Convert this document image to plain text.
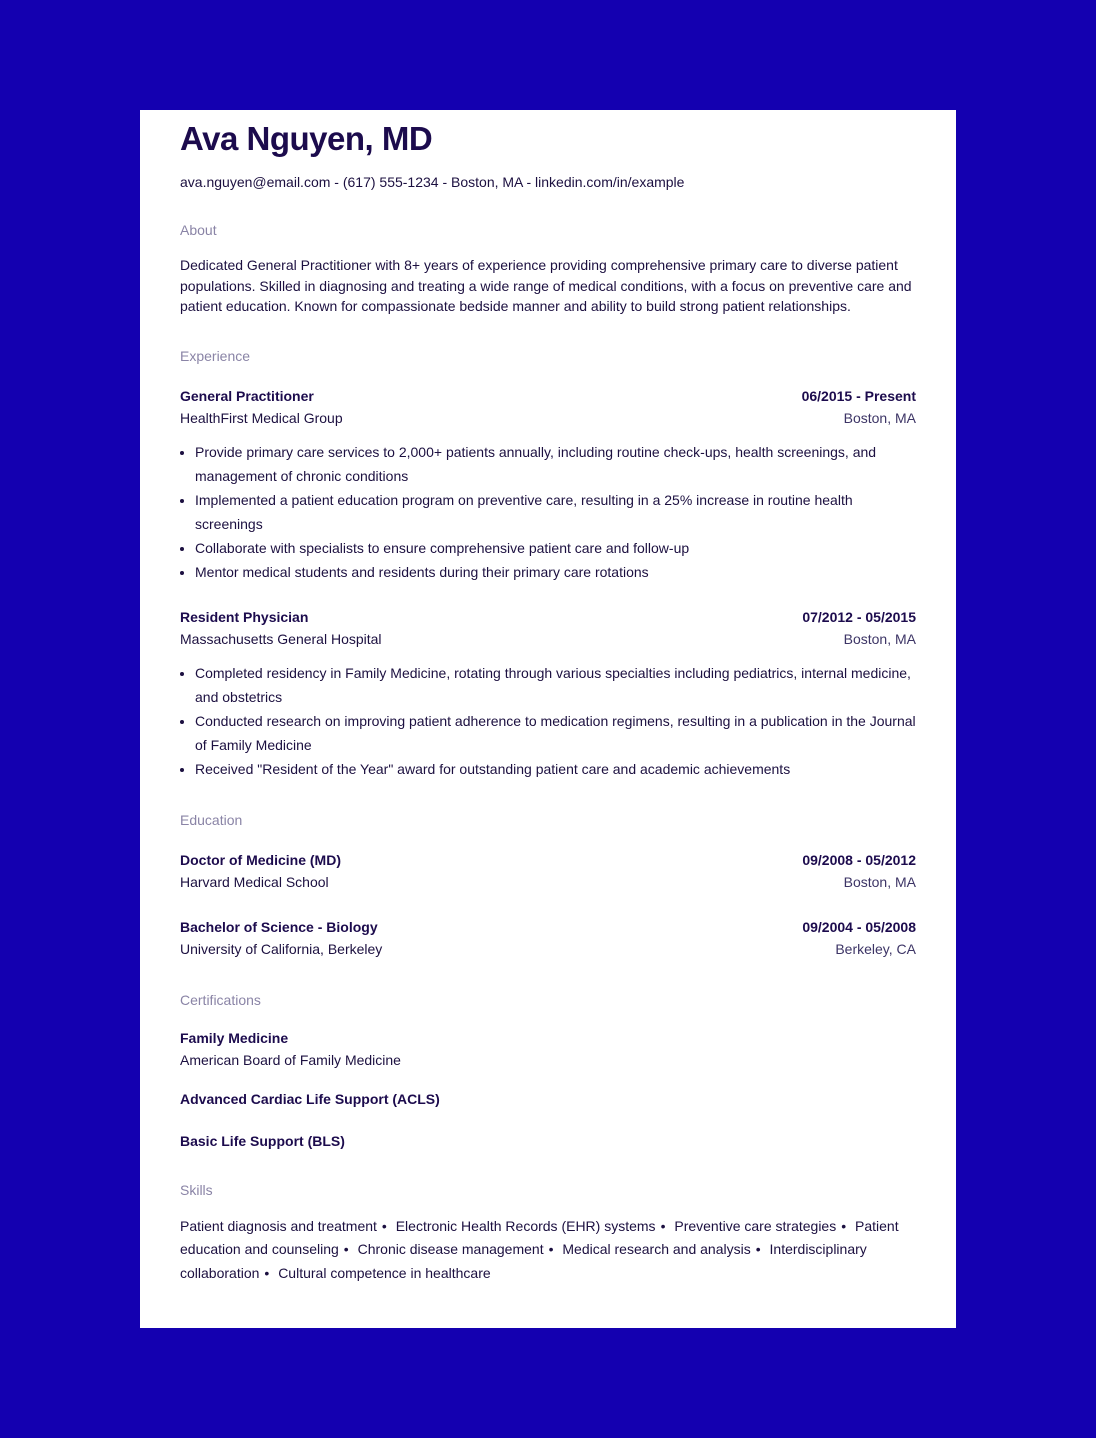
Ava Nguyen, MD
ava.nguyen@email.com - (617) 555-1234 - Boston, MA - linkedin.com/in/example
About
Dedicated General Practitioner with 8+ years of experience providing comprehensive primary care to diverse patient populations. Skilled in diagnosing and treating a wide range of medical conditions, with a focus on preventive care and patient education. Known for compassionate bedside manner and ability to build strong patient relationships.
Experience
General Practitioner	06/2015 - Present
HealthFirst Medical Group	Boston, MA
• Provide primary care services to 2,000+ patients annually, including routine check-ups, health screenings, and management of chronic conditions
• Implemented a patient education program on preventive care, resulting in a 25% increase in routine health screenings
• Collaborate with specialists to ensure comprehensive patient care and follow-up
• Mentor medical students and residents during their primary care rotations
Resident Physician	07/2012 - 05/2015
Massachusetts General Hospital	Boston, MA
• Completed residency in Family Medicine, rotating through various specialties including pediatrics, internal medicine, and obstetrics
• Conducted research on improving patient adherence to medication regimens, resulting in a publication in the Journal of Family Medicine
• Received "Resident of the Year" award for outstanding patient care and academic achievements
Education
Doctor of Medicine (MD)	09/2008 - 05/2012
Harvard Medical School	Boston, MA
Bachelor of Science - Biology	09/2004 - 05/2008
University of California, Berkeley	Berkeley, CA
Certifications
Family Medicine
American Board of Family Medicine
Advanced Cardiac Life Support (ACLS)
Basic Life Support (BLS)
Skills
Patient diagnosis and treatment • Electronic Health Records (EHR) systems • Preventive care strategies • Patient education and counseling • Chronic disease management • Medical research and analysis • Interdisciplinary collaboration • Cultural competence in healthcare
